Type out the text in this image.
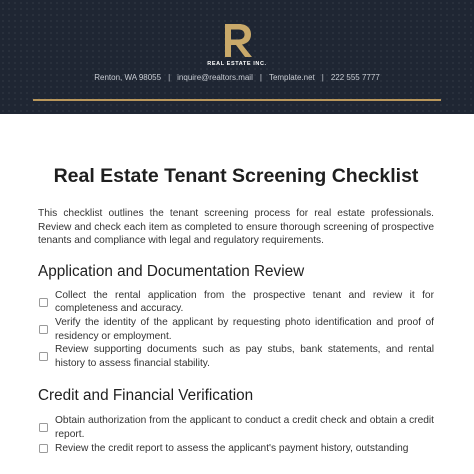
REAL ESTATE INC.
Renton, WA 98055 | inquire@realtors.mail | Template.net | 222 555 7777
Real Estate Tenant Screening Checklist

This checklist outlines the tenant screening process for real estate professionals. Review and check each item as completed to ensure thorough screening of prospective tenants and compliance with legal and regulatory requirements.

Application and Documentation Review
Collect the rental application from the prospective tenant and review it for completeness and accuracy.
Verify the identity of the applicant by requesting photo identification and proof of residency or employment.
Review supporting documents such as pay stubs, bank statements, and rental history to assess financial stability.
Credit and Financial Verification
Obtain authorization from the applicant to conduct a credit check and obtain a credit report.
Review the credit report to assess the applicant's payment history, outstanding
